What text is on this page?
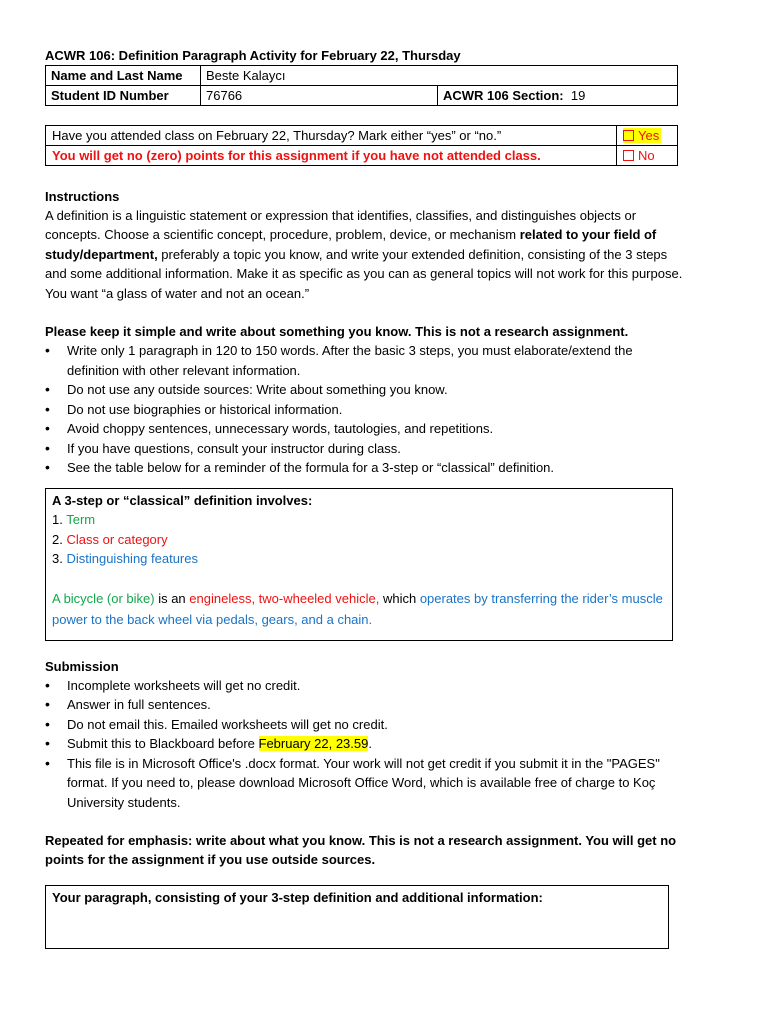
ACWR 106: Definition Paragraph Activity for February 22, Thursday
Name and Last Name	Beste Kalaycı	
Student ID Number	76766	ACWR 106 Section: 19
Have you attended class on February 22, Thursday? Mark either “yes” or “no.”	Yes
You will get no (zero) points for this assignment if you have not attended class.	No
Instructions

A definition is a linguistic statement or expression that identifies, classifies, and distinguishes objects or concepts. Choose a scientific concept, procedure, problem, device, or mechanism related to your field of study/department, preferably a topic you know, and write your extended definition, consisting of the 3 steps and some additional information. Make it as specific as you can as general topics will not work for this purpose. You want “a glass of water and not an ocean.”

Please keep it simple and write about something you know. This is not a research assignment.
• Write only 1 paragraph in 120 to 150 words. After the basic 3 steps, you must elaborate/extend the definition with other relevant information.
• Do not use any outside sources: Write about something you know.
• Do not use biographies or historical information.
• Avoid choppy sentences, unnecessary words, tautologies, and repetitions.
• If you have questions, consult your instructor during class.
• See the table below for a reminder of the formula for a 3-step or “classical” definition.
A 3-step or “classical” definition involves:
1. Term
2. Class or category
3. Distinguishing features
A bicycle (or bike) is an engineless, two-wheeled vehicle, which operates by transferring the rider’s muscle power to the back wheel via pedals, gears, and a chain.
Submission
• Incomplete worksheets will get no credit.
• Answer in full sentences.
• Do not email this. Emailed worksheets will get no credit.
• Submit this to Blackboard before February 22, 23.59.
• This file is in Microsoft Office's .docx format. Your work will not get credit if you submit it in the "PAGES" format. If you need to, please download Microsoft Office Word, which is available free of charge to Koç University students.
Repeated for emphasis: write about what you know. This is not a research assignment. You will get no points for the assignment if you use outside sources.
Your paragraph, consisting of your 3-step definition and additional information:
